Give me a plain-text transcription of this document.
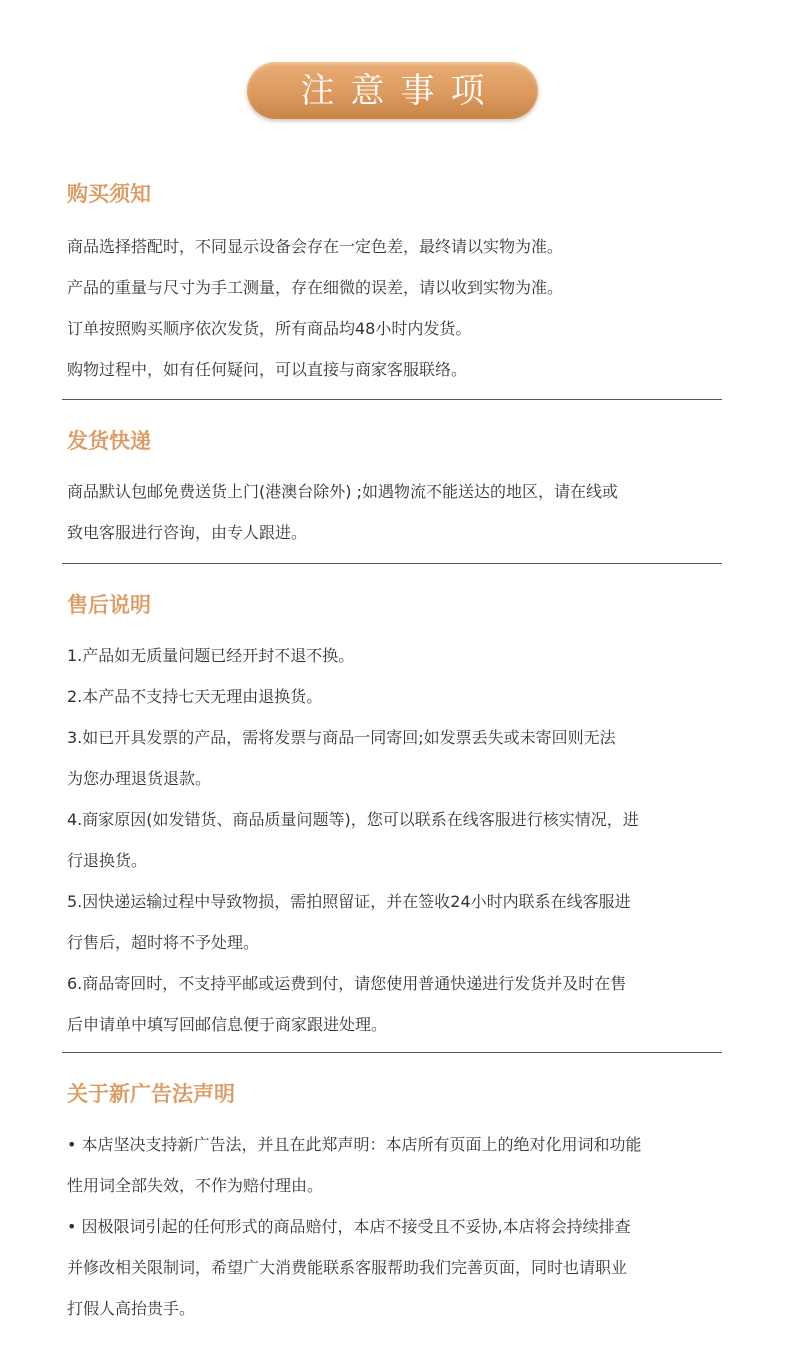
注意事项
购买须知

商品选择搭配时，不同显示设备会存在一定色差，最终请以实物为准。

产品的重量与尺寸为手工测量，存在细微的误差，请以收到实物为准。

订单按照购买顺序依次发货，所有商品均48小时内发货。

购物过程中，如有任何疑问，可以直接与商家客服联络。

发货快递

商品默认包邮免费送货上门(港澳台除外) ;如遇物流不能送达的地区，请在线或

致电客服进行咨询，由专人跟进。

售后说明

1.产品如无质量问题已经开封不退不换。

2.本产品不支持七天无理由退换货。

3.如已开具发票的产品，需将发票与商品一同寄回;如发票丢失或未寄回则无法

为您办理退货退款。

4.商家原因(如发错货、商品质量问题等)，您可以联系在线客服进行核实情况，进

行退换货。

5.因快递运输过程中导致物损，需拍照留证，并在签收24小时内联系在线客服进

行售后，超时将不予处理。

6.商品寄回时，不支持平邮或运费到付，请您使用普通快递进行发货并及时在售

后申请单中填写回邮信息便于商家跟进处理。

关于新广告法声明

• 本店坚决支持新广告法，并且在此郑声明：本店所有页面上的绝对化用词和功能

性用词全部失效，不作为赔付理由。

• 因极限词引起的任何形式的商品赔付，本店不接受且不妥协,本店将会持续排查

并修改相关限制词，希望广大消费能联系客服帮助我们完善页面，同时也请职业

打假人高抬贵手。
